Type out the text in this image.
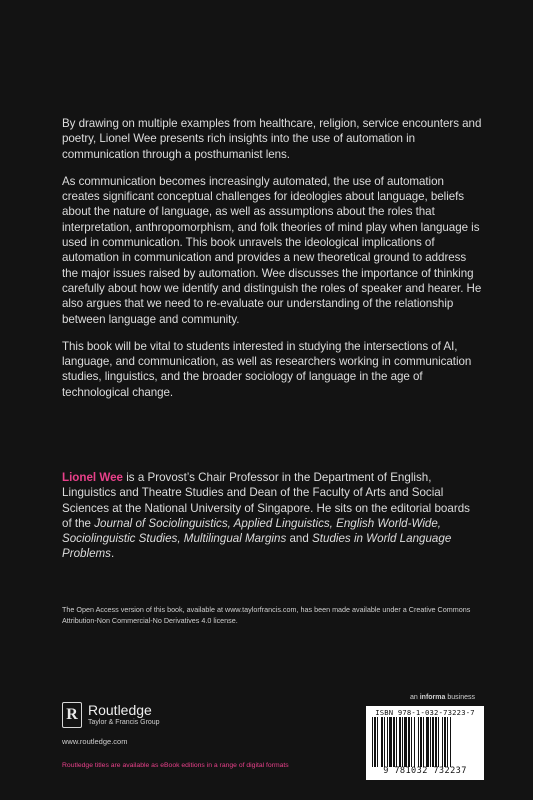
By drawing on multiple examples from healthcare, religion, service encounters and poetry, Lionel Wee presents rich insights into the use of automation in communication through a posthumanist lens.

As communication becomes increasingly automated, the use of automation creates significant conceptual challenges for ideologies about language, beliefs about the nature of language, as well as assumptions about the roles that interpretation, anthropomorphism, and folk theories of mind play when language is used in communication. This book unravels the ideological implications of automation in communication and provides a new theoretical ground to address the major issues raised by automation. Wee discusses the importance of thinking carefully about how we identify and distinguish the roles of speaker and hearer. He also argues that we need to re-evaluate our understanding of the relationship between language and community.

This book will be vital to students interested in studying the intersections of AI, language, and communication, as well as researchers working in communication studies, linguistics, and the broader sociology of language in the age of technological change.

Lionel Wee is a Provost’s Chair Professor in the Department of English, Linguistics and Theatre Studies and Dean of the Faculty of Arts and Social Sciences at the National University of Singapore. He sits on the editorial boards of the Journal of Sociolinguistics, Applied Linguistics, English World-Wide, Sociolinguistic Studies, Multilingual Margins and Studies in World Language Problems.

The Open Access version of this book, available at www.taylorfrancis.com, has been made available under a Creative Commons Attribution-Non Commercial-No Derivatives 4.0 license.

R Routledge
Taylor & Francis Group
www.routledge.com
Routledge titles are available as eBook editions in a range of digital formats
an informa business
ISBN 978-1-032-73223-7
9 781032 732237
